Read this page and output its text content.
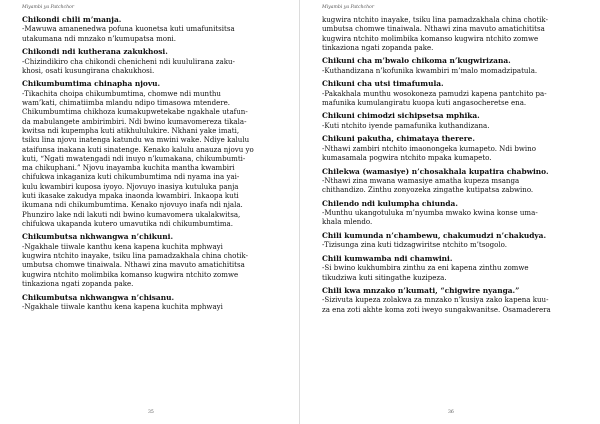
Miyambi ya Patchchor

Chikondi chili m’manja.

-Mawuwa amanenedwa pofuna kuonetsa kuti umafunitsitsa
utakumana ndi mnzako n’kumupatsa moni.

Chikondi ndi kutherana zakukhosi.

-Chizindikiro cha chikondi chenicheni ndi kuululirana zaku-
khosi, osati kusungirana chakukhosi.

Chikumbumtima chinapha njovu.

-Tikachita choipa chikumbumtima, chomwe ndi munthu
wam’kati, chimatiimba mlandu ndipo timasowa mtendere.
Chikumbumtima chikhoza kumakupwetekabe ngakhale utafun-
da mabulangete ambirimbiri. Ndi bwino kumavomereza tikala-
kwitsa ndi kupempha kuti atikhululukire. Nkhani yake imati,
tsiku lina njovu inatenga katundu wa mwini wake. Ndiye kalulu
ataifunsa inakana kuti sinatenge. Kenako kalulu anauza njovu yo
kuti, “Ngati mwatengadi ndi inuyo n’kumakana, chikumbumti-
ma chikuphani.” Njovu inayamba kuchita mantha kwambiri
chifukwa inkaganiza kuti chikumbumtima ndi nyama ina yai-
kulu kwambiri kuposa iyoyo. Njovuyo inasiya kutuluka panja
kuti ikasake zakudya mpaka inaonda kwambiri. Inkaopa kuti
ikumana ndi chikumbumtima. Kenako njovuyo inafa ndi njala.
Phunziro lake ndi lakuti ndi bwino kumavomera ukalakwitsa,
chifukwa ukapanda kutero umavutika ndi chikumbumtima.

Chikumbutsa nkhwangwa n’chikuni.

-Ngakhale tiiwale kanthu kena kapena kuchita mphwayi
kugwira ntchito inayake, tsiku lina pamadzakhala china chotik-
umbutsa chomwe tinaiwala. Nthawi zina mavuto amatichititsa
kugwira ntchito molimbika komanso kugwira ntchito zomwe
tinkaziona ngati zopanda pake.

Chikumbutsa nkhwangwa n’chisanu.

-Ngakhale tiiwale kanthu kena kapena kuchita mphwayi

35
Miyambi ya Patchchor

kugwira ntchito inayake, tsiku lina pamadzakhala china chotik-
umbutsa chomwe tinaiwala. Nthawi zina mavuto amatichititsa
kugwira ntchito molimbika komanso kugwira ntchito zomwe
tinkaziona ngati zopanda pake.

Chikuni cha m’bwalo chikoma n’kugwirizana.

-Kuthandizana n’kofunika kwambiri m’malo momadzipatula.

Chikuni cha utsi timafumula.

-Pakakhala munthu wosokoneza pamudzi kapena pantchito pa-
mafunika kumulangiratu kuopa kuti angasocheretse ena.

Chikuni chimodzi sichipsetsa mphika.

-Kuti ntchito iyende pamafunika kuthandizana.

Chikuni pakutha, chimataya therere.

-Nthawi zambiri ntchito imaonongeka kumapeto. Ndi bwino
kumasamala pogwira ntchito mpaka kumapeto.

Chilekwa (wamasiye) n’chosakhala kupatira chabwino.

-Nthawi zina mwana wamasiye amatha kupeza msanga
chithandizo. Zinthu zonyozeka zingathe kutipatsa zabwino.

Chilendo ndi kulumpha chiunda.

-Munthu ukangotuluka m’nyumba mwako kwina konse uma-
khala mlendo.

Chili kumunda n’chambewu, chakumudzi n’chakudya.

-Tizisunga zina kuti tidzagwiritse ntchito m’tsogolo.

Chili kumwamba ndi chamwini.

-Si bwino kukhumbira zinthu za eni kapena zinthu zomwe
tikudziwa kuti sitingathe kuzipeza.

Chili kwa mnzako n’kumati, “chigwire nyanga.”

-Sizivuta kupeza zolakwa za mnzako n’kusiya zako kapena kuu-
za ena zoti akhte koma zoti iweyo sungakwanitse. Osamaderera

36
